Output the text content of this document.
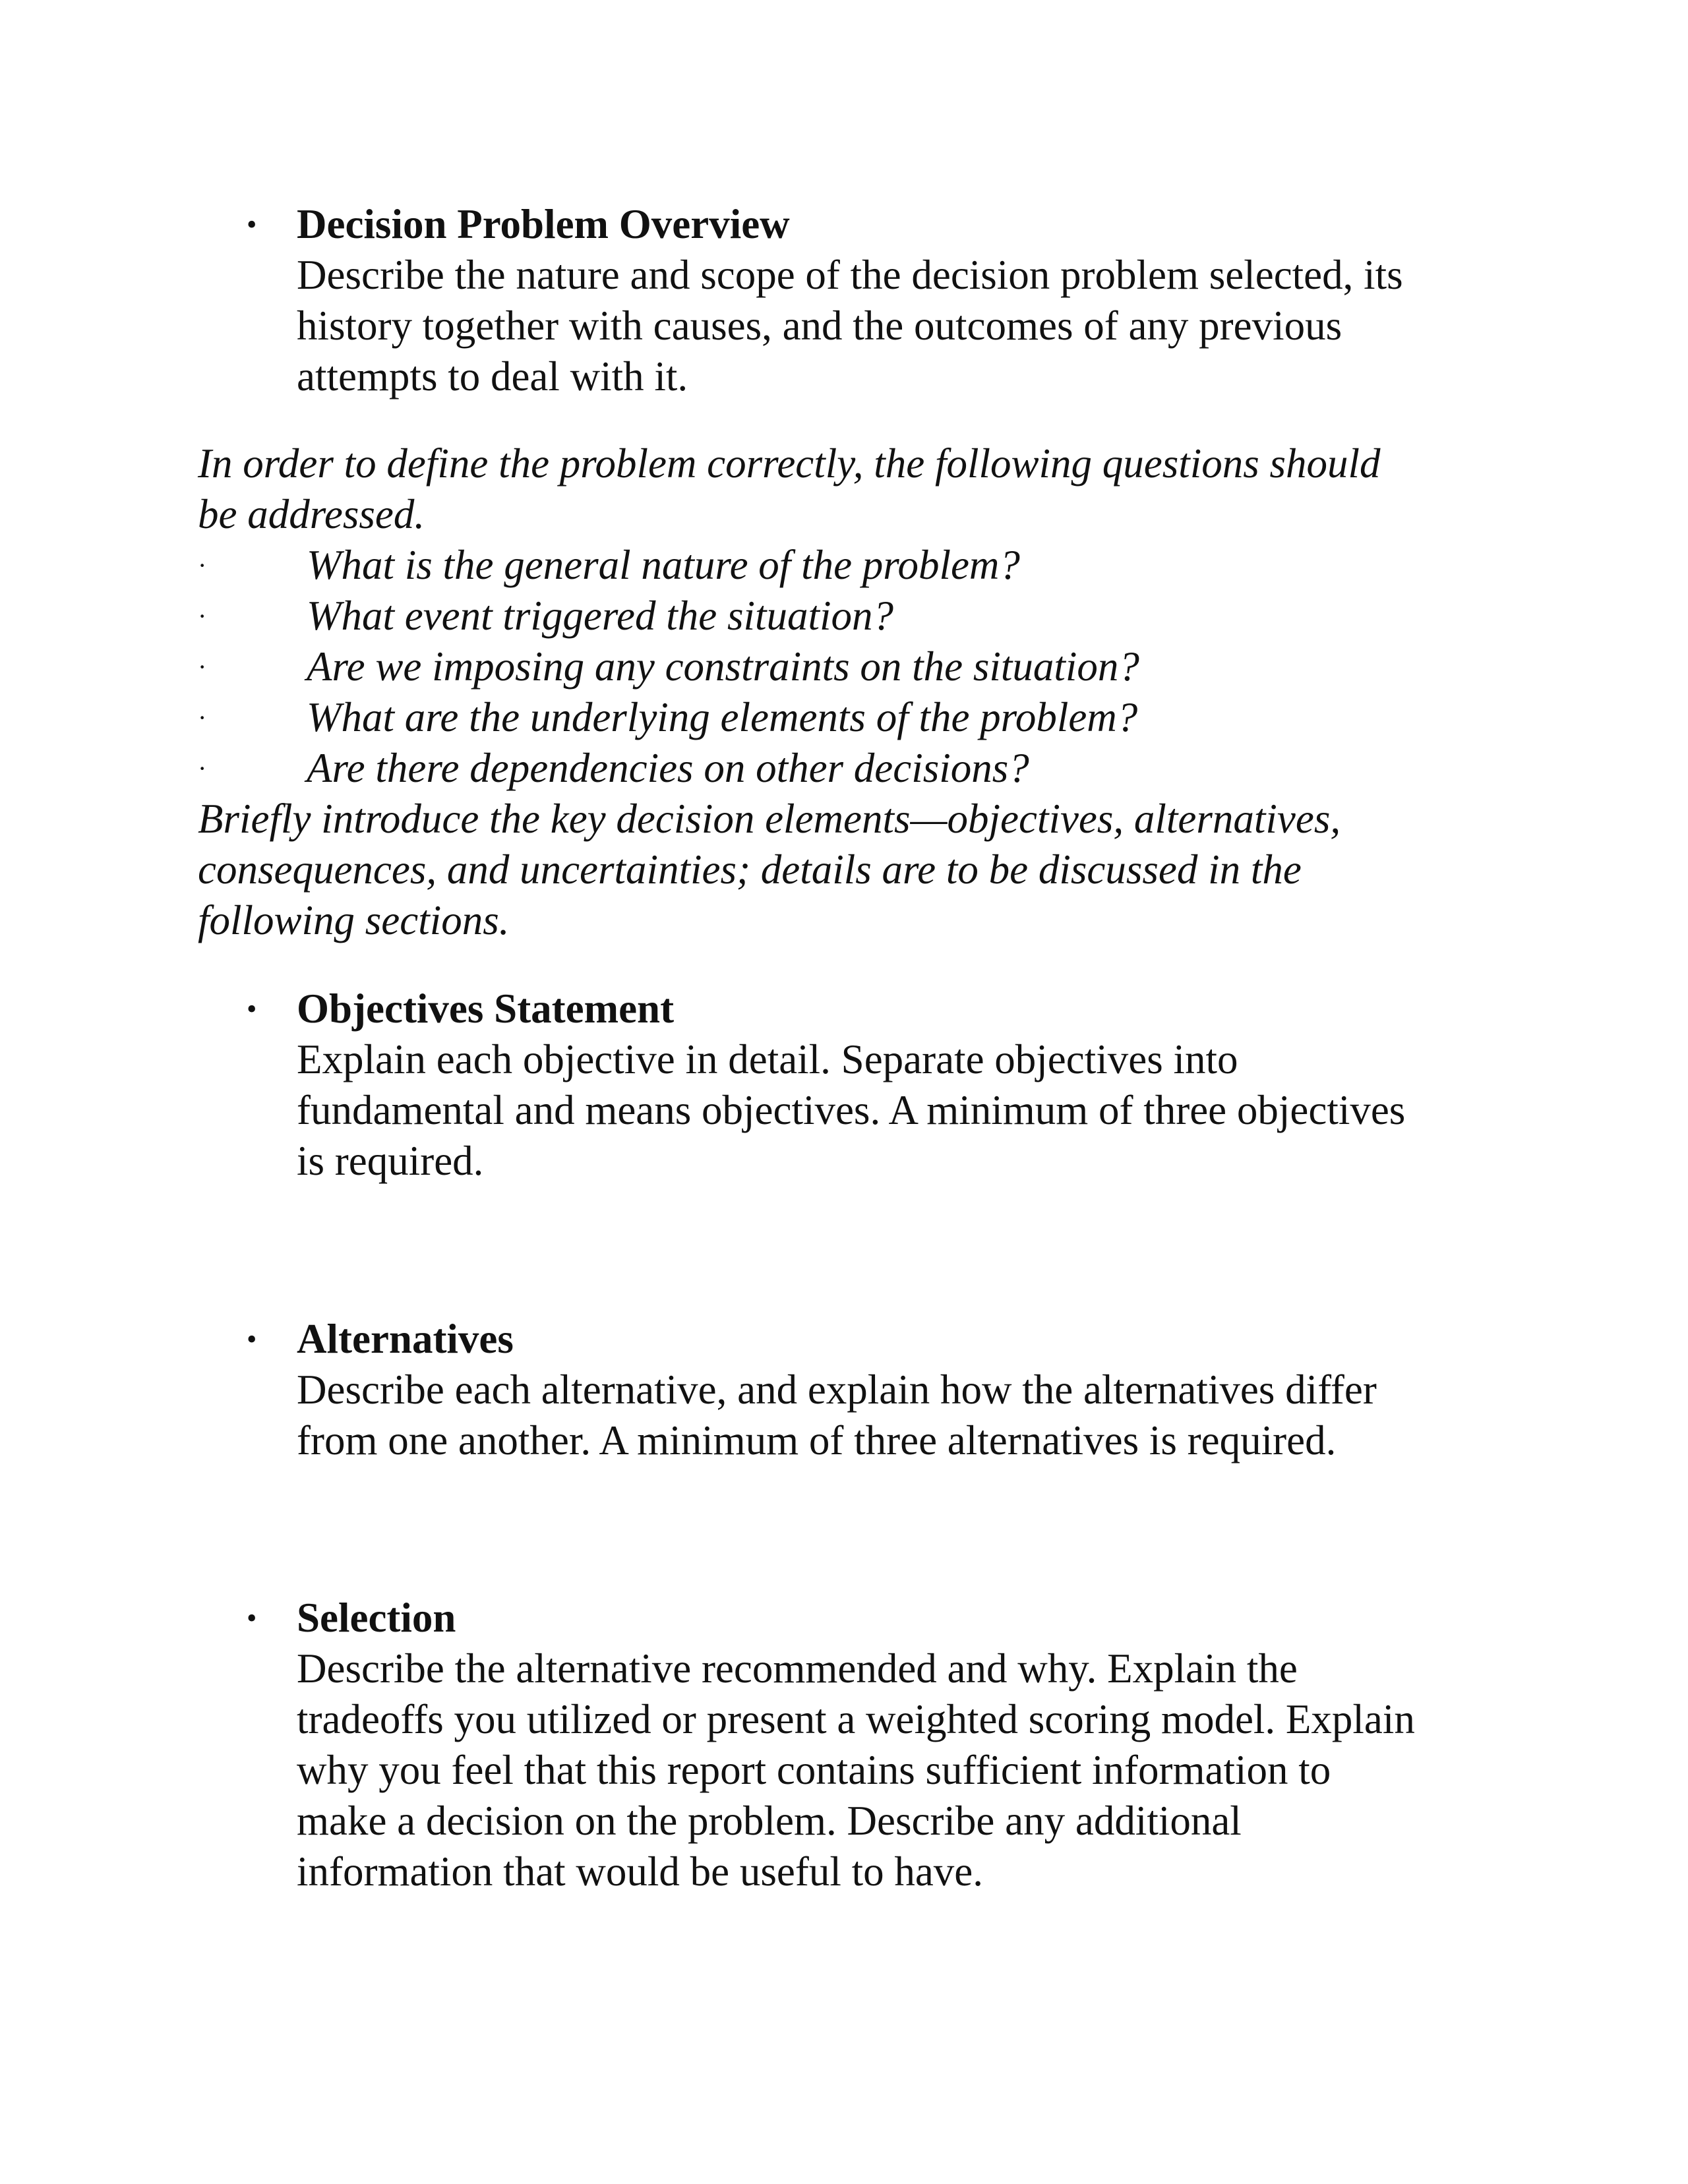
• Decision Problem Overview
Describe the nature and scope of the decision problem selected, its
history together with causes, and the outcomes of any previous
attempts to deal with it.
In order to define the problem correctly, the following questions should
be addressed.
· What is the general nature of the problem?
· What event triggered the situation?
· Are we imposing any constraints on the situation?
· What are the underlying elements of the problem?
· Are there dependencies on other decisions?
Briefly introduce the key decision elements—objectives, alternatives,
consequences, and uncertainties; details are to be discussed in the
following sections.
• Objectives Statement
Explain each objective in detail. Separate objectives into
fundamental and means objectives. A minimum of three objectives
is required.
• Alternatives
Describe each alternative, and explain how the alternatives differ
from one another. A minimum of three alternatives is required.
• Selection
Describe the alternative recommended and why. Explain the
tradeoffs you utilized or present a weighted scoring model. Explain
why you feel that this report contains sufficient information to
make a decision on the problem. Describe any additional
information that would be useful to have.
